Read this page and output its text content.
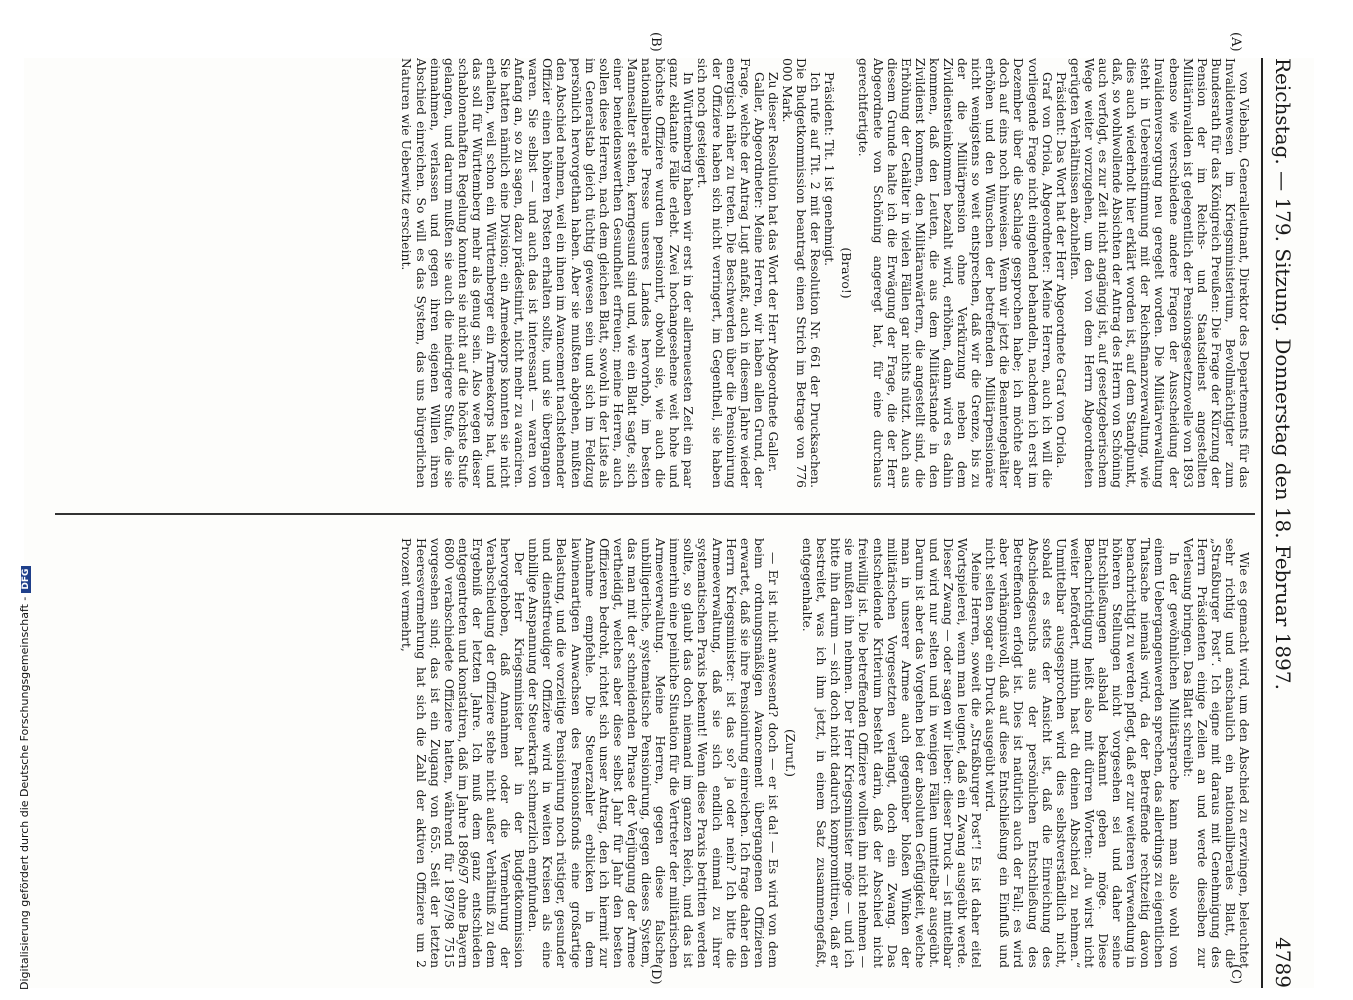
Reichstag. — 179. Sitzung. Donnerstag den 18. Februar 1897.
4789

von Viebahn, Generalleutnant, Direktor des Departements für das Invalidenwesen im Kriegsministerium, Bevollmächtigter zum Bundesrath für das Königreich Preußen: Die Frage der Kürzung der Pension der im Reichs- und Staatsdienst angestellten Militärinvaliden ist gelegentlich der Pensionsgesetznovelle von 1893 ebenso wie verschiedene andere Fragen der Ausscheidung der Invalidenversorgung neu geregelt worden. Die Militärverwaltung steht in Uebereinstimmung mit der Reichsfinanzverwaltung, wie dies auch wiederholt hier erklärt worden ist, auf dem Standpunkt, daß, so wohlwollende Absichten der Antrag des Herrn von Schöning auch verfolgt, es zur Zeit nicht angängig ist, auf gesetzgeberischem Wege weiter vorzugehen, um den von dem Herrn Abgeordneten gerügten Verhältnissen abzuhelfen.

Präsident: Das Wort hat der Herr Abgeordnete Graf von Oriola.

Graf von Oriola, Abgeordneter: Meine Herren, auch ich will die vorliegende Frage nicht eingehend behandeln, nachdem ich erst im Dezember über die Sachlage gesprochen habe; ich möchte aber doch auf eins noch hinweisen. Wenn wir jetzt die Beamtengehälter erhöhen und den Wünschen der betreffenden Militärpensionäre nicht wenigstens so weit entsprechen, daß wir die Grenze, bis zu der die Militärpension ohne Verkürzung neben dem Zivildiensteinkommen bezahlt wird, erhöhen, dann wird es dahin kommen, daß den Leuten, die aus dem Militärstande in den Zivildienst kommen, den Militäranwärtern, die angestellt sind, die Erhöhung der Gehälter in vielen Fällen gar nichts nützt. Auch aus diesem Grunde halte ich die Erwägung der Frage, die der Herr Abgeordnete von Schöning angeregt hat, für eine durchaus gerechtfertigte.

(Bravo!)

Präsident: Tit. 1 ist genehmigt.

Ich rufe auf Tit. 2 mit der Resolution Nr. 661 der Drucksachen. Die Budgetkommission beantragt einen Strich im Betrage von 776 000 Mark.

Zu dieser Resolution hat das Wort der Herr Abgeordnete Galler.

Galler, Abgeordneter: Meine Herren, wir haben allen Grund, der Frage, welche der Antrag Lugt anfaßt, auch in diesem Jahre wieder energisch näher zu treten. Die Beschwerden über die Pensionirung der Offiziere haben sich nicht verringert, im Gegentheil, sie haben sich noch gesteigert.

In Württemberg haben wir erst in der allerneuesten Zeit ein paar ganz eklatante Fälle erlebt. Zwei hochangesehene weit hohe und höchste Offiziere wurden pensionirt, obwohl sie, wie auch die nationalliberale Presse unseres Landes hervorhob, im besten Mannesalter stehen, kerngesund sind und, wie ein Blatt sagte, sich einer beneidenswerthen Gesundheit erfreuen; meine Herren, auch sollen diese Herren, nach dem gleichen Blatt, sowohl in der Liste als im Generalstab gleich tüchtig gewesen sein und sich im Feldzug persönlich hervorgethan haben. Aber sie mußten abgehen, mußten den Abschied nehmen, weil ein ihnen im Avancement nachstehender Offizier einen höheren Posten erhalten sollte, und sie übergangen waren. Sie selbst — und auch das ist interessant — waren von Anfang an, so zu sagen, dazu prädestinirt, nicht mehr zu avanciren. Sie hatten nämlich eine Division; ein Armeekorps konnten sie nicht erhalten, weil schon ein Württemberger ein Armeekorps hat, und das soll für Württemberg mehr als genug sein. Also wegen dieser schablonenhaften Regelung konnten sie nicht auf die höchste Stufe gelangen, und darum mußten sie auch die niedrigere Stufe, die sie einnahmen, verlassen und gegen ihren eigenen Willen ihren Abschied einreichen. So will es das System, das uns bürgerlichen Naturen wie Ueberwitz erscheint.

Wie es gemacht wird, um den Abschied zu erzwingen, beleuchtet sehr richtig und anschaulich ein nationalliberales Blatt, die „Straßburger Post“. Ich eigne mit daraus mit Genehmigung des Herrn Präsidenten einige Zeilen an und werde dieselben zur Verlesung bringen. Das Blatt schreibt:

In der gewöhnlichen Militärsprache kann man also wohl von einem Uebergangenwerden sprechen, das allerdings zu eigentlichen Thatsache niemals wird, da der Betreffende rechtzeitig davon benachrichtigt zu werden pflegt, daß er zur weiteren Verwendung in höheren Stellungen nicht vorgesehen sei und daher seine Entschließungen alsbald bekannt geben möge. Diese Benachrichtigung heißt also mit dürren Worten: „du wirst nicht weiter befördert, mithin hast du deinen Abschied zu nehmen.“ Unmittelbar ausgesprochen wird dies selbstverständlich nicht, sobald es stets der Ansicht ist, daß die Einreichung des Abschiedsgesuchs aus der persönlichen Entschließung des Betreffenden erfolgt ist. Dies ist natürlich auch der Fall; es wird aber verhängnisvoll, daß auf diese Entschließung ein Einfluß und nicht selten sogar ein Druck ausgeübt wird.

Meine Herren, soweit die „Straßburger Post“! Es ist daher eitel Wortspielerei, wenn man leugnet, daß ein Zwang ausgeübt werde. Dieser Zwang — oder sagen wir lieber: dieser Druck — ist mittelbar und wird nur selten und in wenigen Fällen unmittelbar ausgeübt. Darum ist aber das Vorgehen bei der absoluten Gefügigkeit, welche man in unserer Armee auch gegenüber bloßen Winken der militärischen Vorgesetzten verlangt, doch ein Zwang. Das entscheidende Kriterium besteht darin, daß der Abschied nicht freiwillig ist. Die betreffenden Offiziere wollten ihn nicht nehmen — sie mußten ihn nehmen. Der Herr Kriegsminister möge — und ich bitte ihn darum — sich doch nicht dadurch kompromittiren, daß er bestreitet, was ich ihm jetzt, in einem Satz zusammengefaßt, entgegenhalte.

(Zuruf.)

— Er ist nicht anwesend? doch — er ist da! — Es wird von dem beim ordnungsmäßigen Avancement übergangenen Offizieren erwartet, daß sie ihre Pensionirung einreichen. Ich frage daher den Herrn Kriegsminister: ist das so? ja oder nein? Ich bitte die Armeeverwaltung, daß sie sich endlich einmal zu ihrer systematischen Praxis bekennt! Wenn diese Praxis betritten werden sollte, so glaubt das doch niemand im ganzen Reich, und das ist immerhin eine peinliche Situation für die Vertreter der militärischen Armeeverwaltung. Meine Herren, gegen diese falsche, unbilligerliche, systematische Pensionirung, gegen dieses System, das man mit der schneidenden Phrase der Verjüngung der Armee vertheidigt, welches aber diese selbst Jahr für Jahr den besten Offizieren bedroht, richtet sich unser Antrag, den ich hiermit zur Annahme empfehle. Die Steuerzahler erblicken in dem lawinenartigen Anwachsen des Pensionsfonds eine großartige Belastung, und die vorzeitige Pensionirung noch rüstiger, gesunder und dienstfreudiger Offiziere wird in weiten Kreisen als eine unbillige Anspannung der Steuerkraft schmerzlich empfunden.

Der Herr Kriegsminister hat in der Budgetkommission hervorgehoben, daß Annahmen oder die Vermehrung der Verabschiedung der Offiziere stehe nicht außer Verhältniß zu dem Ergebniß der letzten Jahre. Ich muß dem ganz entschieden entgegentreten und konstatiren, daß im Jahre 1896/97 ohne Bayern 6800 verabschiedete Offiziere hatten, während für 1897/98 7515 vorgesehen sind; das ist ein Zugang von 655. Seit der letzten Heeresvermehrung hat sich die Zahl der aktiven Offiziere um 2 Prozent vermehrt,

(A)
(B)
(C)
(D)
Digitalisierung gefördert durch die Deutsche Forschungsgemeinschaft -DFG
